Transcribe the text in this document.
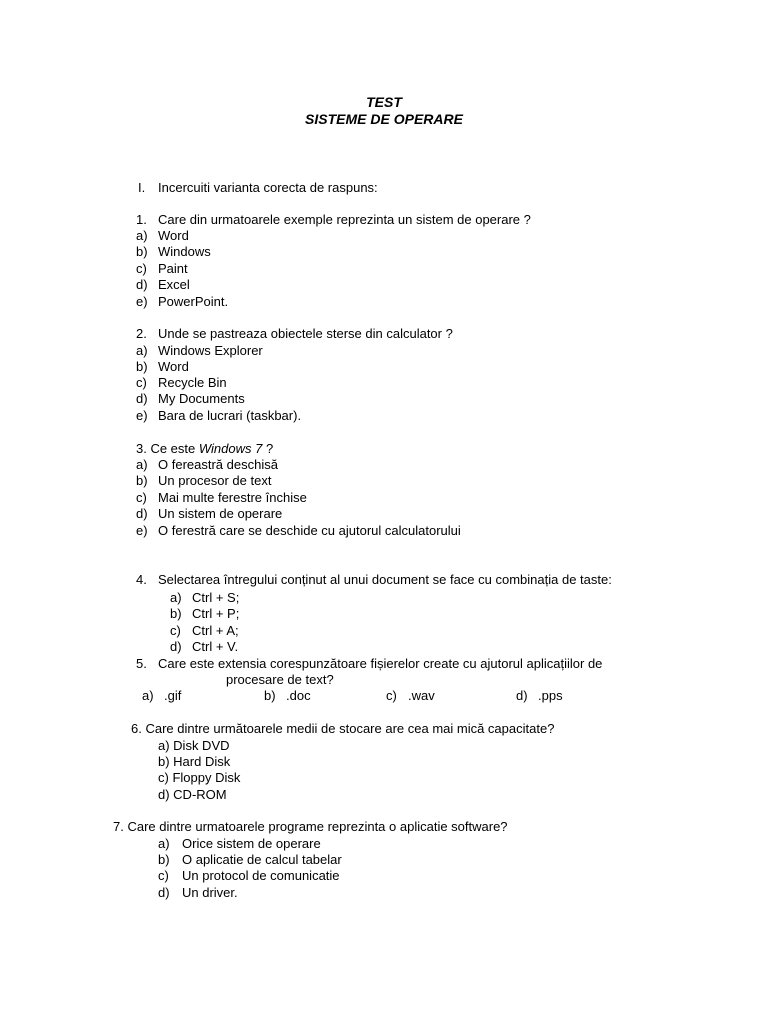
TEST
SISTEME DE OPERARE
I. Incercuiti varianta corecta de raspuns:
1. Care din urmatoarele exemple reprezinta un sistem de operare ?
a) Word
b) Windows
c) Paint
d) Excel
e) PowerPoint.
2. Unde se pastreaza obiectele sterse din calculator ?
a) Windows Explorer
b) Word
c) Recycle Bin
d) My Documents
e) Bara de lucrari (taskbar).
3. Ce este Windows 7 ?
a) O fereastră deschisă
b) Un procesor de text
c) Mai multe ferestre închise
d) Un sistem de operare
e) O ferestră care se deschide cu ajutorul calculatorului
4. Selectarea întregului conținut al unui document se face cu combinația de taste:
a) Ctrl + S;
b) Ctrl + P;
c) Ctrl + A;
d) Ctrl + V.
5. Care este extensia corespunzătoare fișierelor create cu ajutorul aplicațiilor de
procesare de text?
a) .gif	b) .doc	c) .wav	d) .pps
6. Care dintre următoarele medii de stocare are cea mai mică capacitate?
a) Disk DVD
b) Hard Disk
c) Floppy Disk
d) CD-ROM
7. Care dintre urmatoarele programe reprezinta o aplicatie software?
a) Orice sistem de operare
b) O aplicatie de calcul tabelar
c) Un protocol de comunicatie
d) Un driver.
